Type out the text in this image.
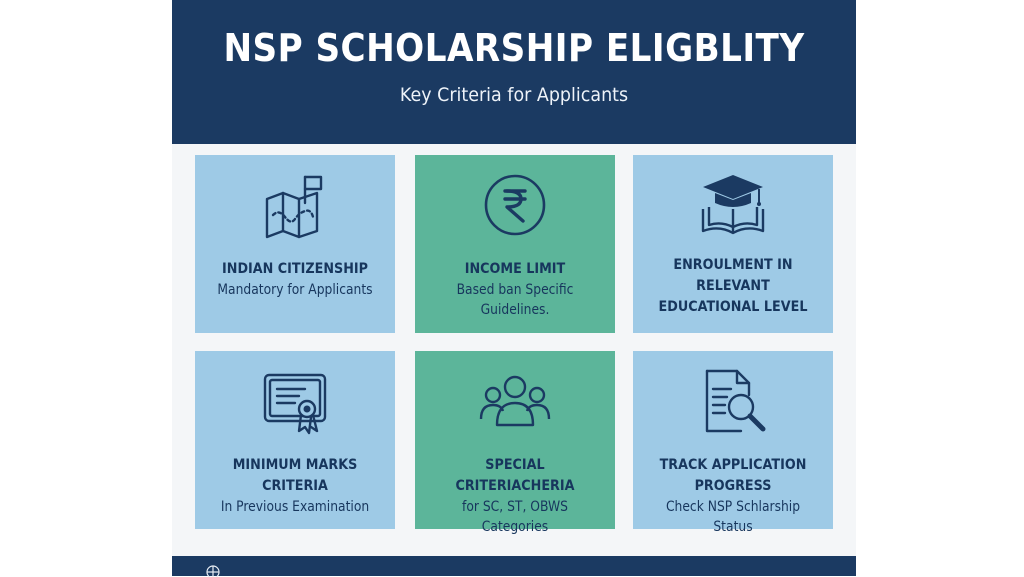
NSP SCHOLARSHIP ELIGBLITY
Key Criteria for Applicants
INDIAN CITIZENSHIP
Mandatory for Applicants
INCOME LIMIT
Based ban Specific
Guidelines.
ENROULMENT IN
RELEVANT
EDUCATIONAL LEVEL
MINIMUM MARKS CRITERIA
In Previous Examination
SPECIAL CRITERIACHERIA
for SC, ST, OBWS Categories
TRACK APPLICATION PROGRESS
Check NSP Schlarship Status
